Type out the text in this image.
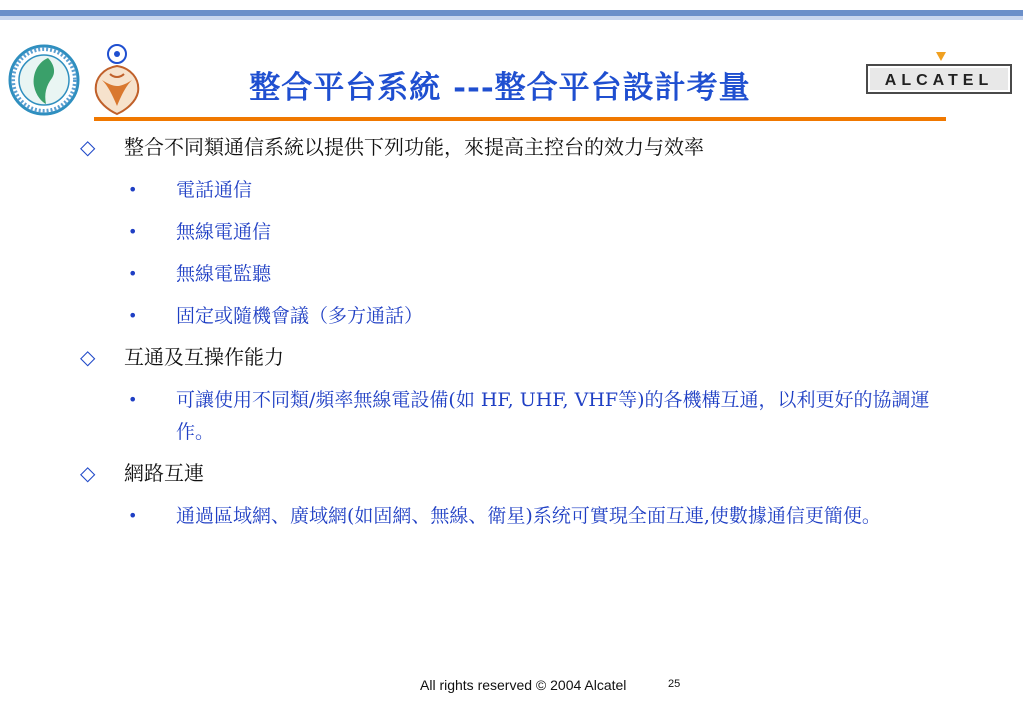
ALCATEL
整合平台系統 ---整合平台設計考量
◇	整合不同類通信系統以提供下列功能，來提高主控台的效力与效率
•	電話通信
•	無線電通信
•	無線電監聽
•	固定或隨機會議（多方通話）
◇	互通及互操作能力
•	可讓使用不同類/頻率無線電設備(如 HF, UHF, VHF等)的各機構互通，以利更好的協調運作。
◇	網路互連
•	通過區域網、廣域網(如固網、無線、衛星)系统可實現全面互連,使數據通信更簡便。
All rights reserved © 2004 Alcatel	25
